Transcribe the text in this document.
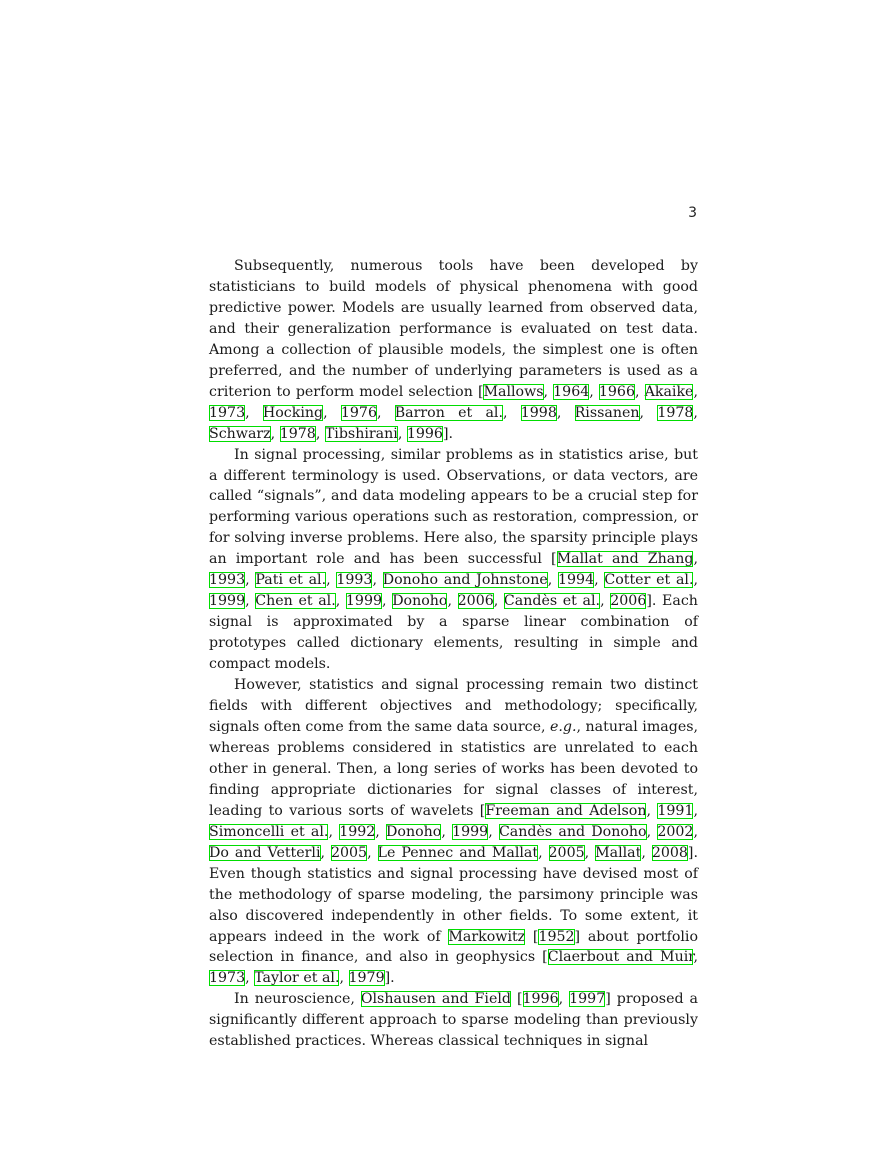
3

Subsequently, numerous tools have been developed by statisticians to build models of physical phenomena with good predictive power. Models are usually learned from observed data, and their generalization performance is evaluated on test data. Among a collection of plausible models, the simplest one is often preferred, and the number of underlying parameters is used as a criterion to perform model selection [Mallows, 1964, 1966, Akaike, 1973, Hocking, 1976, Barron et al., 1998, Rissanen, 1978, Schwarz, 1978, Tibshirani, 1996].

In signal processing, similar problems as in statistics arise, but a different terminology is used. Observations, or data vectors, are called “signals”, and data modeling appears to be a crucial step for performing various operations such as restoration, compression, or for solving inverse problems. Here also, the sparsity principle plays an important role and has been successful [Mallat and Zhang, 1993, Pati et al., 1993, Donoho and Johnstone, 1994, Cotter et al., 1999, Chen et al., 1999, Donoho, 2006, Candès et al., 2006]. Each signal is approximated by a sparse linear combination of prototypes called dictionary elements, resulting in simple and compact models.

However, statistics and signal processing remain two distinct fields with different objectives and methodology; specifically, signals often come from the same data source, e.g., natural images, whereas problems considered in statistics are unrelated to each other in general. Then, a long series of works has been devoted to finding appropriate dictionaries for signal classes of interest, leading to various sorts of wavelets [Freeman and Adelson, 1991, Simoncelli et al., 1992, Donoho, 1999, Candès and Donoho, 2002, Do and Vetterli, 2005, Le Pennec and Mallat, 2005, Mallat, 2008]. Even though statistics and signal processing have devised most of the methodology of sparse modeling, the parsimony principle was also discovered independently in other fields. To some extent, it appears indeed in the work of Markowitz [1952] about portfolio selection in finance, and also in geophysics [Claerbout and Muir, 1973, Taylor et al., 1979].

In neuroscience, Olshausen and Field [1996, 1997] proposed a significantly different approach to sparse modeling than previously established practices. Whereas classical techniques in signal
